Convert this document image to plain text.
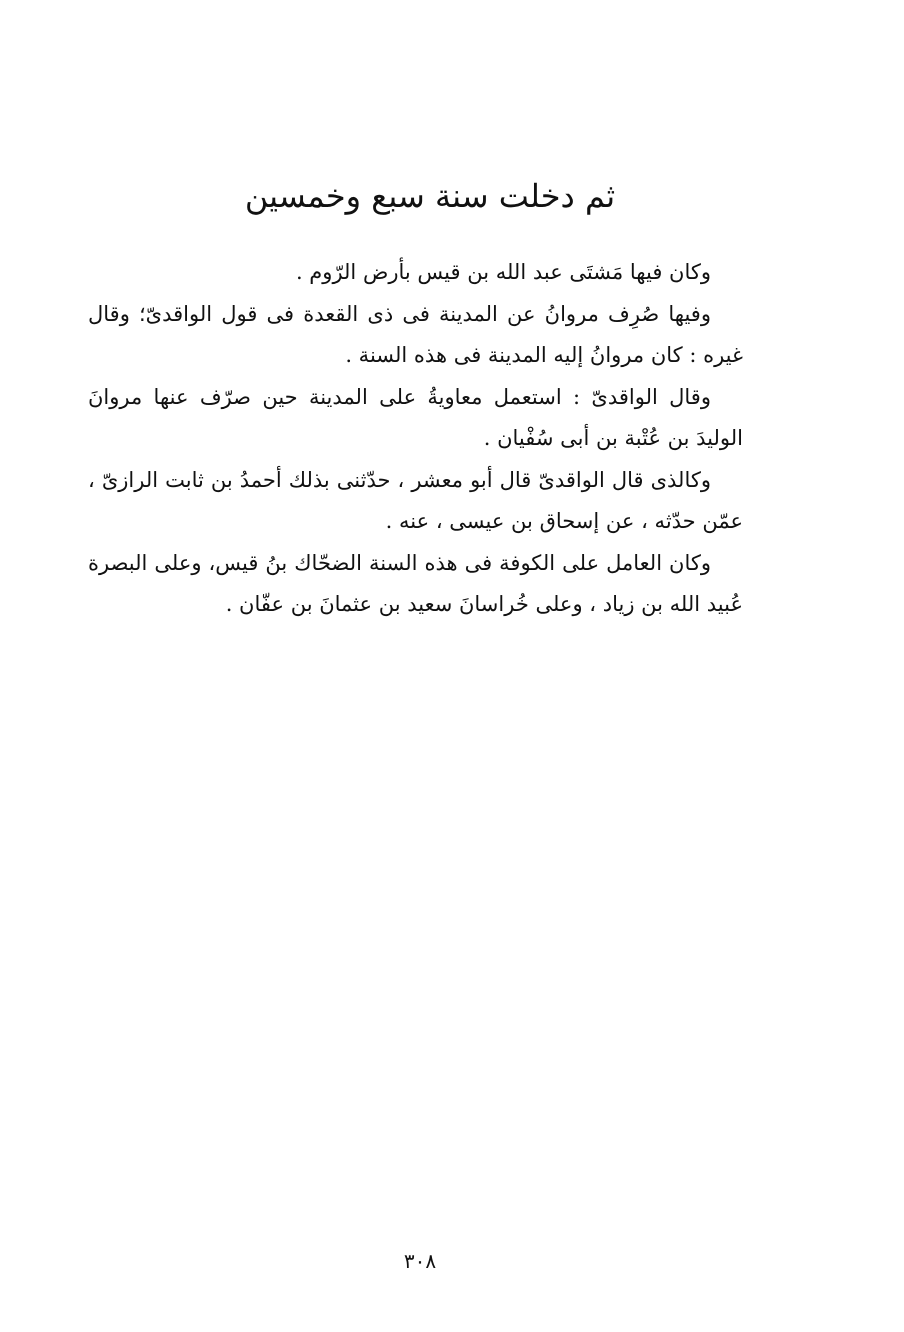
ثم دخلت سنة سبع وخمسين

وكان فيها مَشتَى عبد الله بن قيس بأرض الرّوم .

وفيها صُرِف مروانُ عن المدينة فى ذى القعدة فى قول الواقدىّ؛ وقال غيره : كان مروانُ إليه المدينة فى هذه السنة .

وقال الواقدىّ : استعمل معاويةُ على المدينة حين صرّف عنها مروانَ الوليدَ بن عُتْبة بن أبى سُفْيان .

وكالذى قال الواقدىّ قال أبو معشر ، حدّثنى بذلك أحمدُ بن ثابت الرازىّ ، عمّن حدّثه ، عن إسحاق بن عيسى ، عنه .

وكان العامل على الكوفة فى هذه السنة الضحّاك بنُ قيس، وعلى البصرة عُبيد الله بن زياد ، وعلى خُراسانَ سعيد بن عثمانَ بن عفّان .

٣٠٨
